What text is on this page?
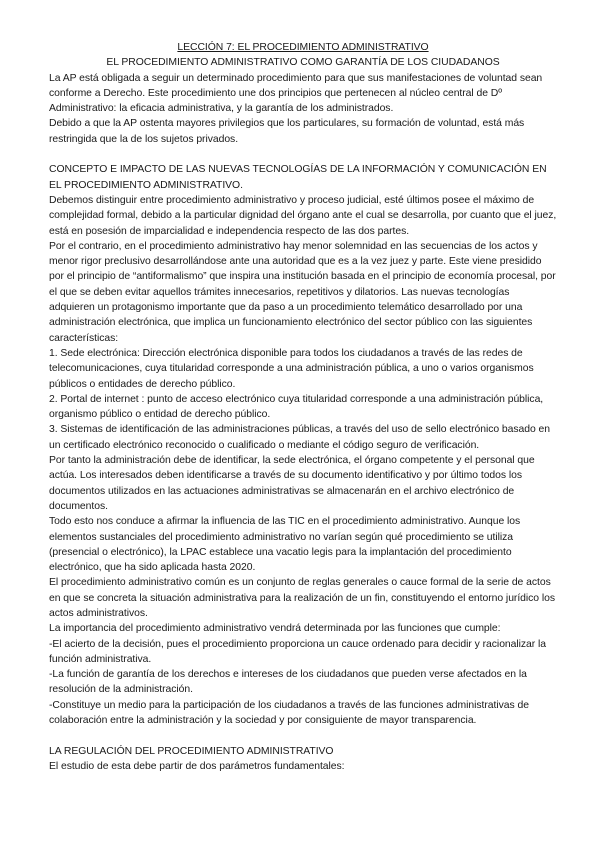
LECCIÓN 7: EL PROCEDIMIENTO ADMINISTRATIVO
EL PROCEDIMIENTO ADMINISTRATIVO COMO GARANTÍA DE LOS CIUDADANOS

La AP está obligada a seguir un determinado procedimiento para que sus manifestaciones de voluntad sean conforme a Derecho. Este procedimiento une dos principios que pertenecen al núcleo central de Dº Administrativo: la eficacia administrativa, y la garantía de los administrados.

Debido a que la AP ostenta mayores privilegios que los particulares, su formación de voluntad, está más restringida que la de los sujetos privados.

CONCEPTO E IMPACTO DE LAS NUEVAS TECNOLOGÍAS DE LA INFORMACIÓN Y COMUNICACIÓN EN EL PROCEDIMIENTO ADMINISTRATIVO.

Debemos distinguir entre procedimiento administrativo y proceso judicial, esté últimos posee el máximo de complejidad formal, debido a la particular dignidad del órgano ante el cual se desarrolla, por cuanto que el juez, está en posesión de imparcialidad e independencia respecto de las dos partes.

Por el contrario, en el procedimiento administrativo hay menor solemnidad en las secuencias de los actos y menor rigor preclusivo desarrollándose ante una autoridad que es a la vez juez y parte. Este viene presidido por el principio de “antiformalismo” que inspira una institución basada en el principio de economía procesal, por el que se deben evitar aquellos trámites innecesarios, repetitivos y dilatorios. Las nuevas tecnologías adquieren un protagonismo importante que da paso a un procedimiento telemático desarrollado por una administración electrónica, que implica un funcionamiento electrónico del sector público con las siguientes características:

1. Sede electrónica: Dirección electrónica disponible para todos los ciudadanos a través de las redes de telecomunicaciones, cuya titularidad corresponde a una administración pública, a uno o varios organismos públicos o entidades de derecho público.

2. Portal de internet : punto de acceso electrónico cuya titularidad corresponde a una administración pública, organismo público o entidad de derecho público.

3. Sistemas de identificación de las administraciones públicas, a través del uso de sello electrónico basado en un certificado electrónico reconocido o cualificado o mediante el código seguro de verificación.

Por tanto la administración debe de identificar, la sede electrónica, el órgano competente y el personal que actúa. Los interesados deben identificarse a través de su documento identificativo y por último todos los documentos utilizados en las actuaciones administrativas se almacenarán en el archivo electrónico de documentos.

Todo esto nos conduce a afirmar la influencia de las TIC en el procedimiento administrativo. Aunque los elementos sustanciales del procedimiento administrativo no varían según qué procedimiento se utiliza (presencial o electrónico), la LPAC establece una vacatio legis para la implantación del procedimiento electrónico, que ha sido aplicada hasta 2020.

El procedimiento administrativo común es un conjunto de reglas generales o cauce formal de la serie de actos en que se concreta la situación administrativa para la realización de un fin, constituyendo el entorno jurídico los actos administrativos.

La importancia del procedimiento administrativo vendrá determinada por las funciones que cumple:

-El acierto de la decisión, pues el procedimiento proporciona un cauce ordenado para decidir y racionalizar la función administrativa.

-La función de garantía de los derechos e intereses de los ciudadanos que pueden verse afectados en la resolución de la administración.

-Constituye un medio para la participación de los ciudadanos a través de las funciones administrativas de colaboración entre la administración y la sociedad y por consiguiente de mayor transparencia.

LA REGULACIÓN DEL PROCEDIMIENTO ADMINISTRATIVO

El estudio de esta debe partir de dos parámetros fundamentales:
